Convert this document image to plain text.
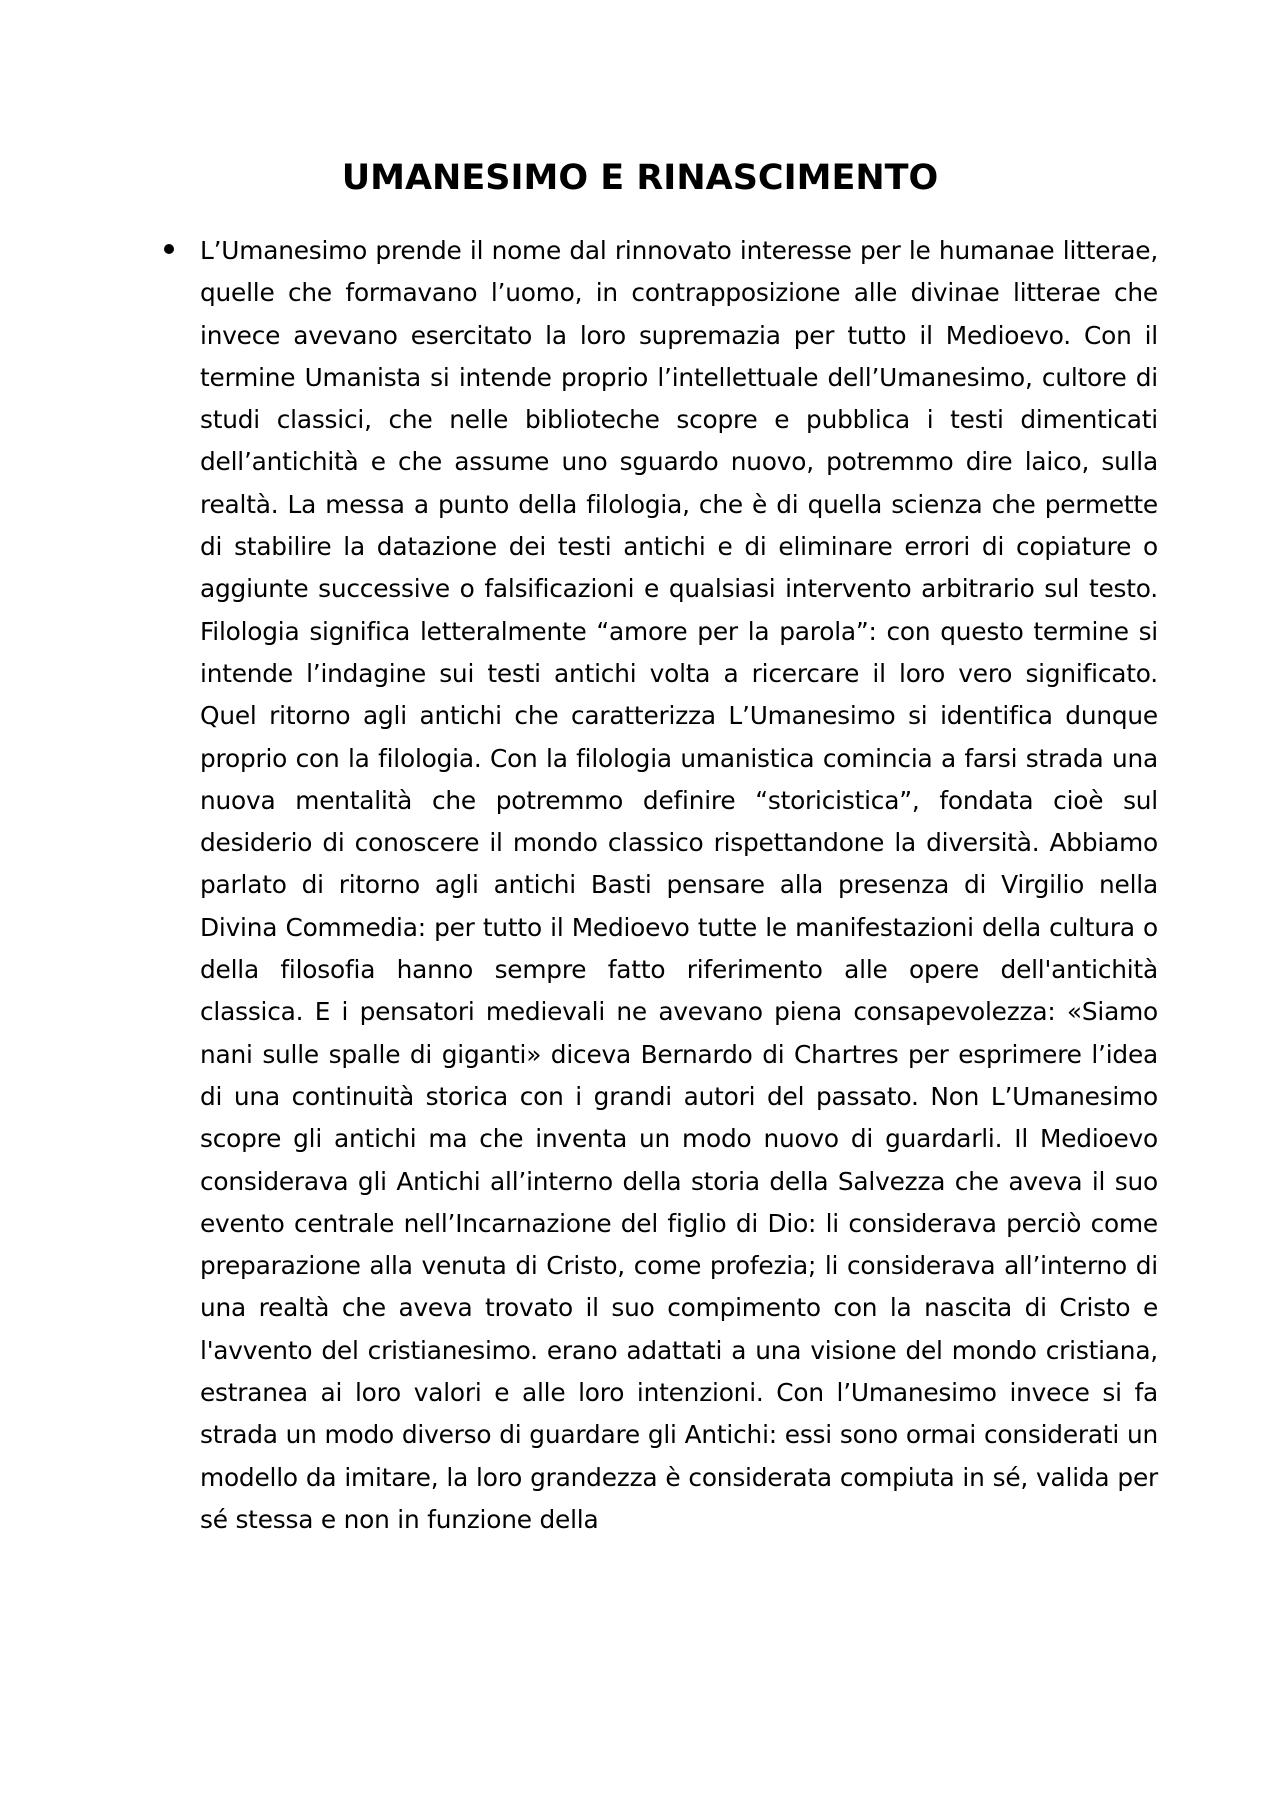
UMANESIMO E RINASCIMENTO
L’Umanesimo prende il nome dal rinnovato interesse per le humanae litterae, quelle che formavano l’uomo, in contrapposizione alle divinae litterae che invece avevano esercitato la loro supremazia per tutto il Medioevo. Con il termine Umanista si intende proprio l’intellettuale dell’Umanesimo, cultore di studi classici, che nelle biblioteche scopre e pubblica i testi dimenticati dell’antichità e che assume uno sguardo nuovo, potremmo dire laico, sulla realtà. La messa a punto della filologia, che è di quella scienza che permette di stabilire la datazione dei testi antichi e di eliminare errori di copiature o aggiunte successive o falsificazioni e qualsiasi intervento arbitrario sul testo. Filologia significa letteralmente “amore per la parola”: con questo termine si intende l’indagine sui testi antichi volta a ricercare il loro vero significato. Quel ritorno agli antichi che caratterizza L’Umanesimo si identifica dunque proprio con la filologia. Con la filologia umanistica comincia a farsi strada una nuova mentalità che potremmo definire “storicistica”, fondata cioè sul desiderio di conoscere il mondo classico rispettandone la diversità. Abbiamo parlato di ritorno agli antichi Basti pensare alla presenza di Virgilio nella Divina Commedia: per tutto il Medioevo tutte le manifestazioni della cultura o della filosofia hanno sempre fatto riferimento alle opere dell'antichità classica. E i pensatori medievali ne avevano piena consapevolezza: «Siamo nani sulle spalle di giganti» diceva Bernardo di Chartres per esprimere l’idea di una continuità storica con i grandi autori del passato. Non L’Umanesimo scopre gli antichi ma che inventa un modo nuovo di guardarli. Il Medioevo considerava gli Antichi all’interno della storia della Salvezza che aveva il suo evento centrale nell’Incarnazione del figlio di Dio: li considerava perciò come preparazione alla venuta di Cristo, come profezia; li considerava all’interno di una realtà che aveva trovato il suo compimento con la nascita di Cristo e l'avvento del cristianesimo. erano adattati a una visione del mondo cristiana, estranea ai loro valori e alle loro intenzioni. Con l’Umanesimo invece si fa strada un modo diverso di guardare gli Antichi: essi sono ormai considerati un modello da imitare, la loro grandezza è considerata compiuta in sé, valida per sé stessa e non in funzione della
